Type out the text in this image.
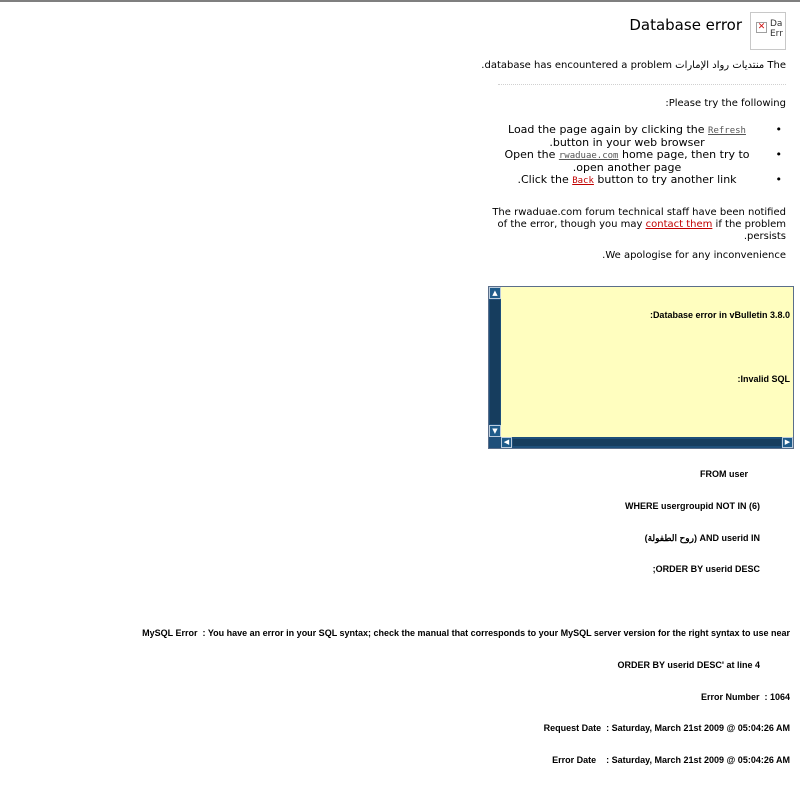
Database error ✕ Da
Err
The منتديات رواد الإمارات database has encountered a problem.
Please try the following:
• Load the page again by clicking the Refresh button in your web browser.
• Open the rwaduae.com home page, then try to open another page.
• Click the Back button to try another link.
The rwaduae.com forum technical staff have been notified of the error, though you may contact them if the problem persists.
We apologise for any inconvenience.
▲
▼

Database error in vBulletin 3.8.0:

Invalid SQL:

FROM user

WHERE usergroupid NOT IN (6)

AND userid IN (روح الطفولة)

ORDER BY userid DESC;

MySQL Error  : You have an error in your SQL syntax; check the manual that corresponds to your MySQL server version for the right syntax to use near

ORDER BY userid DESC' at line 4

Error Number  : 1064

Request Date  : Saturday, March 21st 2009 @ 05:04:26 AM

Error Date    : Saturday, March 21st 2009 @ 05:04:26 AM

◀	▶
